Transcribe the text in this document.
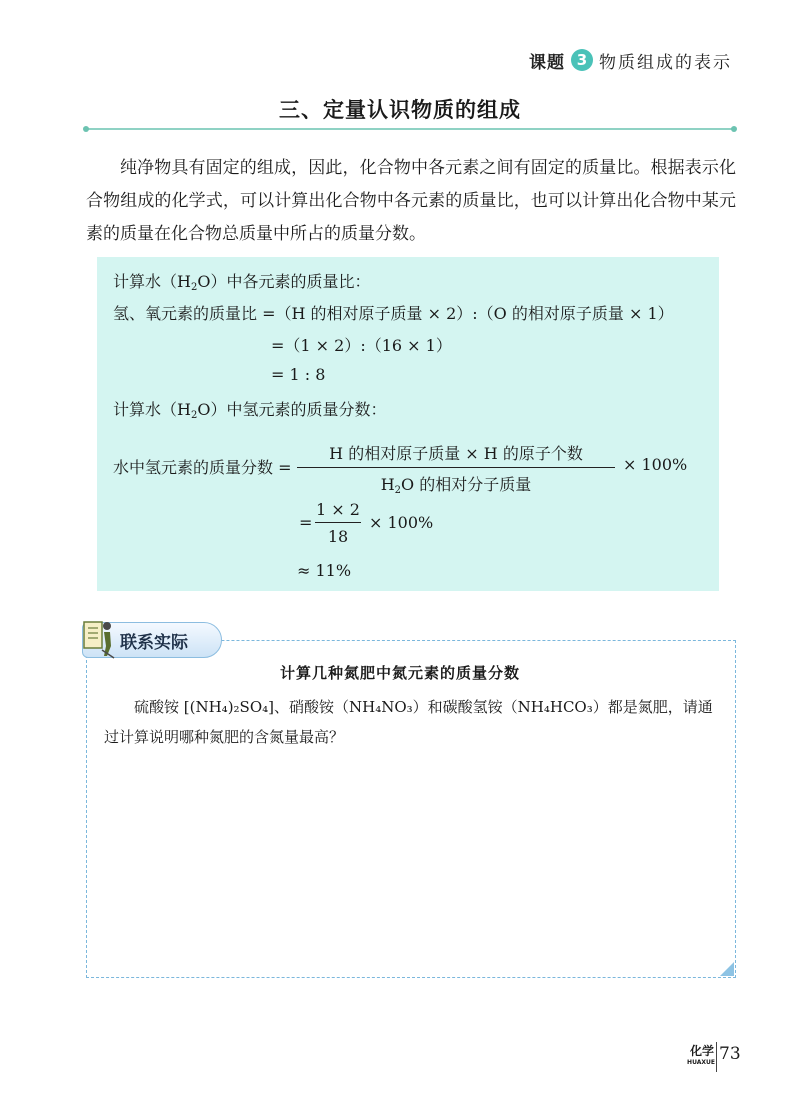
课题 3 物质组成的表示
三、定量认识物质的组成

纯净物具有固定的组成，因此，化合物中各元素之间有固定的质量比。根据表示化合物组成的化学式，可以计算出化合物中各元素的质量比，也可以计算出化合物中某元素的质量在化合物总质量中所占的质量分数。

计算水$(H_2O)$中各元素的质量比：
氢、氧元素的质量比 =（H 的相对原子质量 × 2）:（O 的相对原子质量 × 1）
=（1 × 2）:（16 × 1）
= 1 : 8
计算水$(H_2O)$中氢元素的质量分数：
水中氢元素的质量分数 =
H 的相对原子质量 × H 的原子个数
$H_2O$ 的相对分子质量
× 100%
=
1 × 2
18
× 100%
≈ 11%
联系实际
计算几种氮肥中氮元素的质量分数

硫酸铵 [(NH₄)₂SO₄]、硝酸铵（NH₄NO₃）和碳酸氢铵（NH₄HCO₃）都是氮肥，请通过计算说明哪种氮肥的含氮量最高？

化学
HUAXUE 73
